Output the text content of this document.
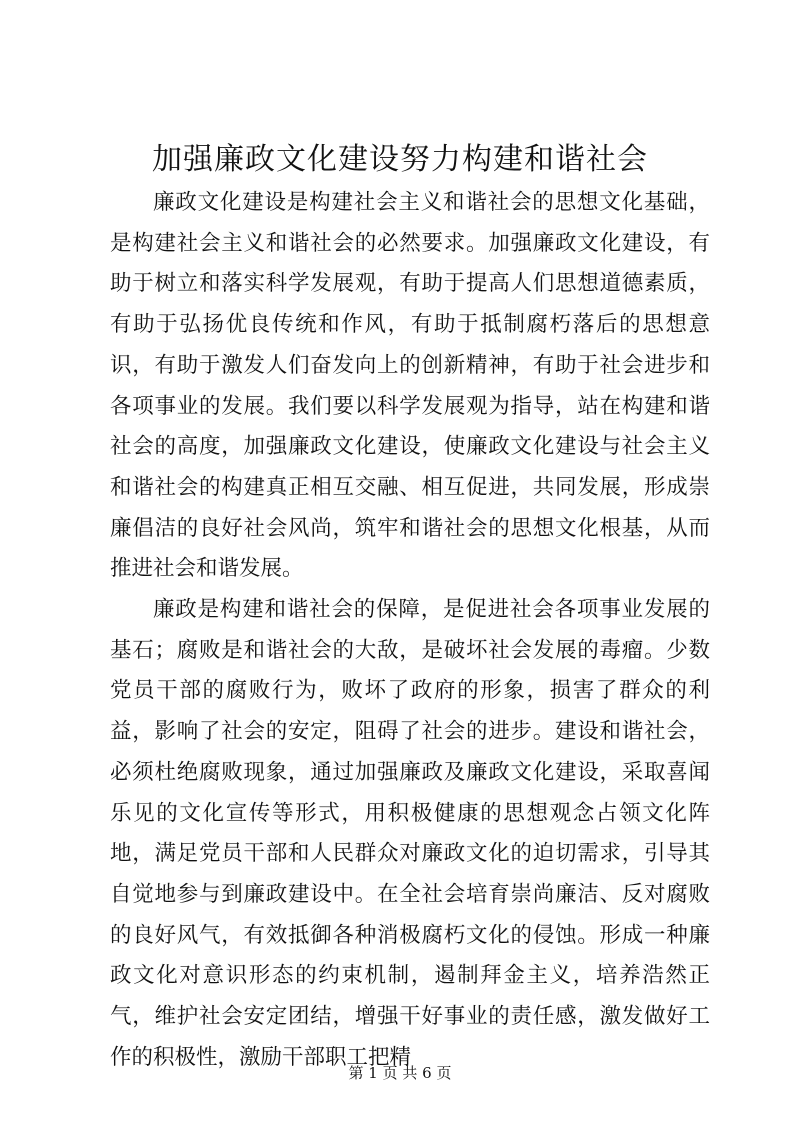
加强廉政文化建设努力构建和谐社会

廉政文化建设是构建社会主义和谐社会的思想文化基础，是构建社会主义和谐社会的必然要求。加强廉政文化建设，有助于树立和落实科学发展观，有助于提高人们思想道德素质，有助于弘扬优良传统和作风，有助于抵制腐朽落后的思想意识，有助于激发人们奋发向上的创新精神，有助于社会进步和各项事业的发展。我们要以科学发展观为指导，站在构建和谐社会的高度，加强廉政文化建设，使廉政文化建设与社会主义和谐社会的构建真正相互交融、相互促进，共同发展，形成崇廉倡洁的良好社会风尚，筑牢和谐社会的思想文化根基，从而推进社会和谐发展。

廉政是构建和谐社会的保障，是促进社会各项事业发展的基石；腐败是和谐社会的大敌，是破坏社会发展的毒瘤。少数党员干部的腐败行为，败坏了政府的形象，损害了群众的利益，影响了社会的安定，阻碍了社会的进步。建设和谐社会，必须杜绝腐败现象，通过加强廉政及廉政文化建设，采取喜闻乐见的文化宣传等形式，用积极健康的思想观念占领文化阵地，满足党员干部和人民群众对廉政文化的迫切需求，引导其自觉地参与到廉政建设中。在全社会培育崇尚廉洁、反对腐败的良好风气，有效抵御各种消极腐朽文化的侵蚀。形成一种廉政文化对意识形态的约束机制，遏制拜金主义，培养浩然正气，维护社会安定团结，增强干好事业的责任感，激发做好工作的积极性，激励干部职工把精

第 1 页 共 6 页
